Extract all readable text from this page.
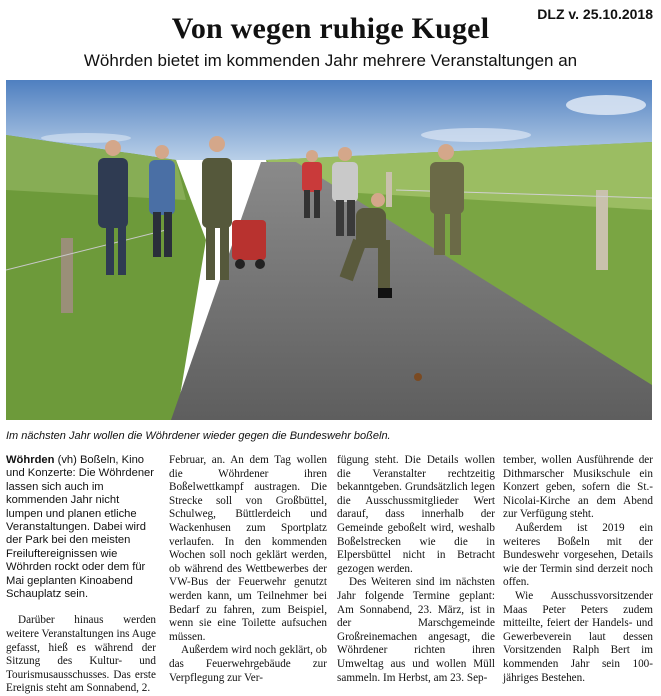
DLZ v. 25.10.2018
Von wegen ruhige Kugel
Wöhrden bietet im kommenden Jahr mehrere Veranstaltungen an
Im nächsten Jahr wollen die Wöhrdener wieder gegen die Bundeswehr boßeln.

Wöhrden (vh) Boßeln, Kino und Konzerte: Die Wöhrdener lassen sich auch im kommenden Jahr nicht lumpen und planen etliche Veranstaltungen. Dabei wird der Park bei den meisten Freiluftereignissen wie Wöhrden rockt oder dem für Mai geplanten Kinoabend Schauplatz sein.

Darüber hinaus werden weitere Veranstaltungen ins Auge gefasst, hieß es während der Sitzung des Kultur- und Tourismusausschusses. Das erste Ereignis steht am Sonnabend, 2.

Februar, an. An dem Tag wollen die Wöhrdener ihren Boßelwettkampf austragen. Die Strecke soll von Großbüttel, Schulweg, Büttlerdeich und Wackenhusen zum Sportplatz verlaufen. In den kommenden Wochen soll noch geklärt werden, ob während des Wettbewerbes der VW-Bus der Feuerwehr genutzt werden kann, um Teilnehmer bei Bedarf zu fahren, zum Beispiel, wenn sie eine Toilette aufsuchen müssen.

Außerdem wird noch geklärt, ob das Feuerwehrgebäude zur Verpflegung zur Ver-

fügung steht. Die Details wollen die Veranstalter rechtzeitig bekanntgeben. Grundsätzlich legen die Ausschussmitglieder Wert darauf, dass innerhalb der Gemeinde geboßelt wird, weshalb Boßelstrecken wie die in Elpersbüttel nicht in Betracht gezogen werden.

Des Weiteren sind im nächsten Jahr folgende Termine geplant: Am Sonnabend, 23. März, ist in der Marschgemeinde Großreinemachen angesagt, die Wöhrdener richten ihren Umweltag aus und wollen Müll sammeln. Im Herbst, am 23. Sep-

tember, wollen Ausführende der Dithmarscher Musikschule ein Konzert geben, sofern die St.-Nicolai-Kirche an dem Abend zur Verfügung steht.

Außerdem ist 2019 ein weiteres Boßeln mit der Bundeswehr vorgesehen, Details wie der Termin sind derzeit noch offen.

Wie Ausschussvorsitzender Maas Peter Peters zudem mitteilte, feiert der Handels- und Gewerbeverein laut dessen Vorsitzenden Ralph Bert im kommenden Jahr sein 100-jähriges Bestehen.
